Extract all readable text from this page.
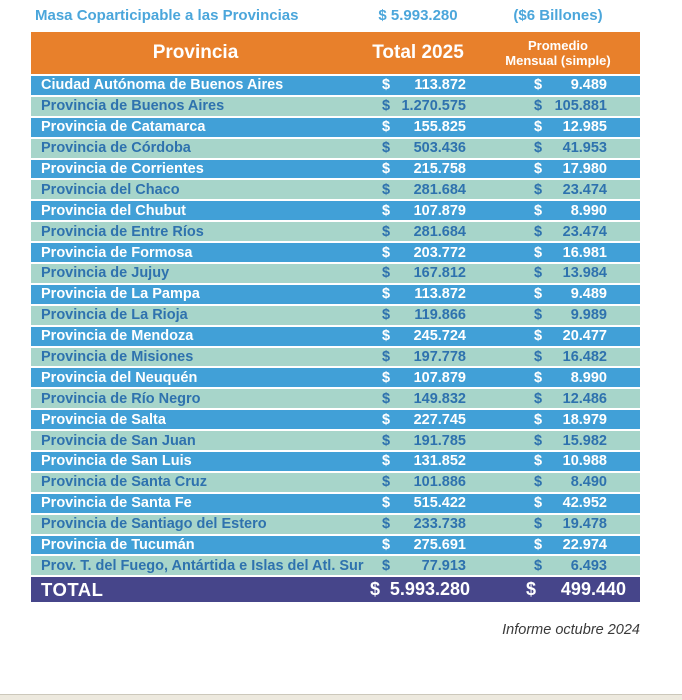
Masa Coparticipable a las Provincias	$ 5.993.280	($6 Billones)
Provincia	Total 2025	Promedio
Mensual (simple)
Ciudad Autónoma de Buenos Aires	$ 113.872	$ 9.489
Provincia de Buenos Aires	$ 1.270.575	$ 105.881
Provincia de Catamarca	$ 155.825	$ 12.985
Provincia de Córdoba	$ 503.436	$ 41.953
Provincia de Corrientes	$ 215.758	$ 17.980
Provincia del Chaco	$ 281.684	$ 23.474
Provincia del Chubut	$ 107.879	$ 8.990
Provincia de Entre Ríos	$ 281.684	$ 23.474
Provincia de Formosa	$ 203.772	$ 16.981
Provincia de Jujuy	$ 167.812	$ 13.984
Provincia de La Pampa	$ 113.872	$ 9.489
Provincia de La Rioja	$ 119.866	$ 9.989
Provincia de Mendoza	$ 245.724	$ 20.477
Provincia de Misiones	$ 197.778	$ 16.482
Provincia del Neuquén	$ 107.879	$ 8.990
Provincia de Río Negro	$ 149.832	$ 12.486
Provincia de Salta	$ 227.745	$ 18.979
Provincia de San Juan	$ 191.785	$ 15.982
Provincia de San Luis	$ 131.852	$ 10.988
Provincia de Santa Cruz	$ 101.886	$ 8.490
Provincia de Santa Fe	$ 515.422	$ 42.952
Provincia de Santiago del Estero	$ 233.738	$ 19.478
Provincia de Tucumán	$ 275.691	$ 22.974
Prov. T. del Fuego, Antártida e Islas del Atl. Sur $ 77.913	$ 6.493
TOTAL	$ 5.993.280	$ 499.440
Informe octubre 2024
